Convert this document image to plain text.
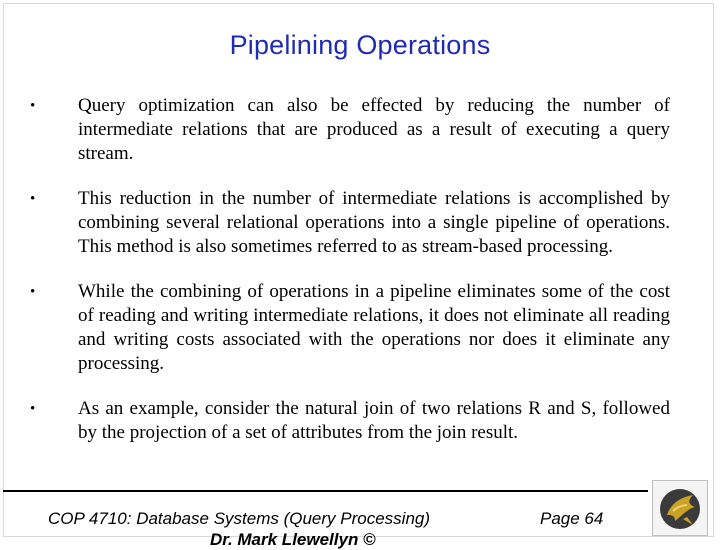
Pipelining Operations
• Query optimization can also be effected by reducing the number of intermediate relations that are produced as a result of executing a query stream.
• This reduction in the number of intermediate relations is accomplished by combining several relational operations into a single pipeline of operations. This method is also sometimes referred to as stream-based processing.
• While the combining of operations in a pipeline eliminates some of the cost of reading and writing intermediate relations, it does not eliminate all reading and writing costs associated with the operations nor does it eliminate any processing.
• As an example, consider the natural join of two relations R and S, followed by the projection of a set of attributes from the join result.
COP 4710: Database Systems (Query Processing)	Page 64
Dr. Mark Llewellyn ©
